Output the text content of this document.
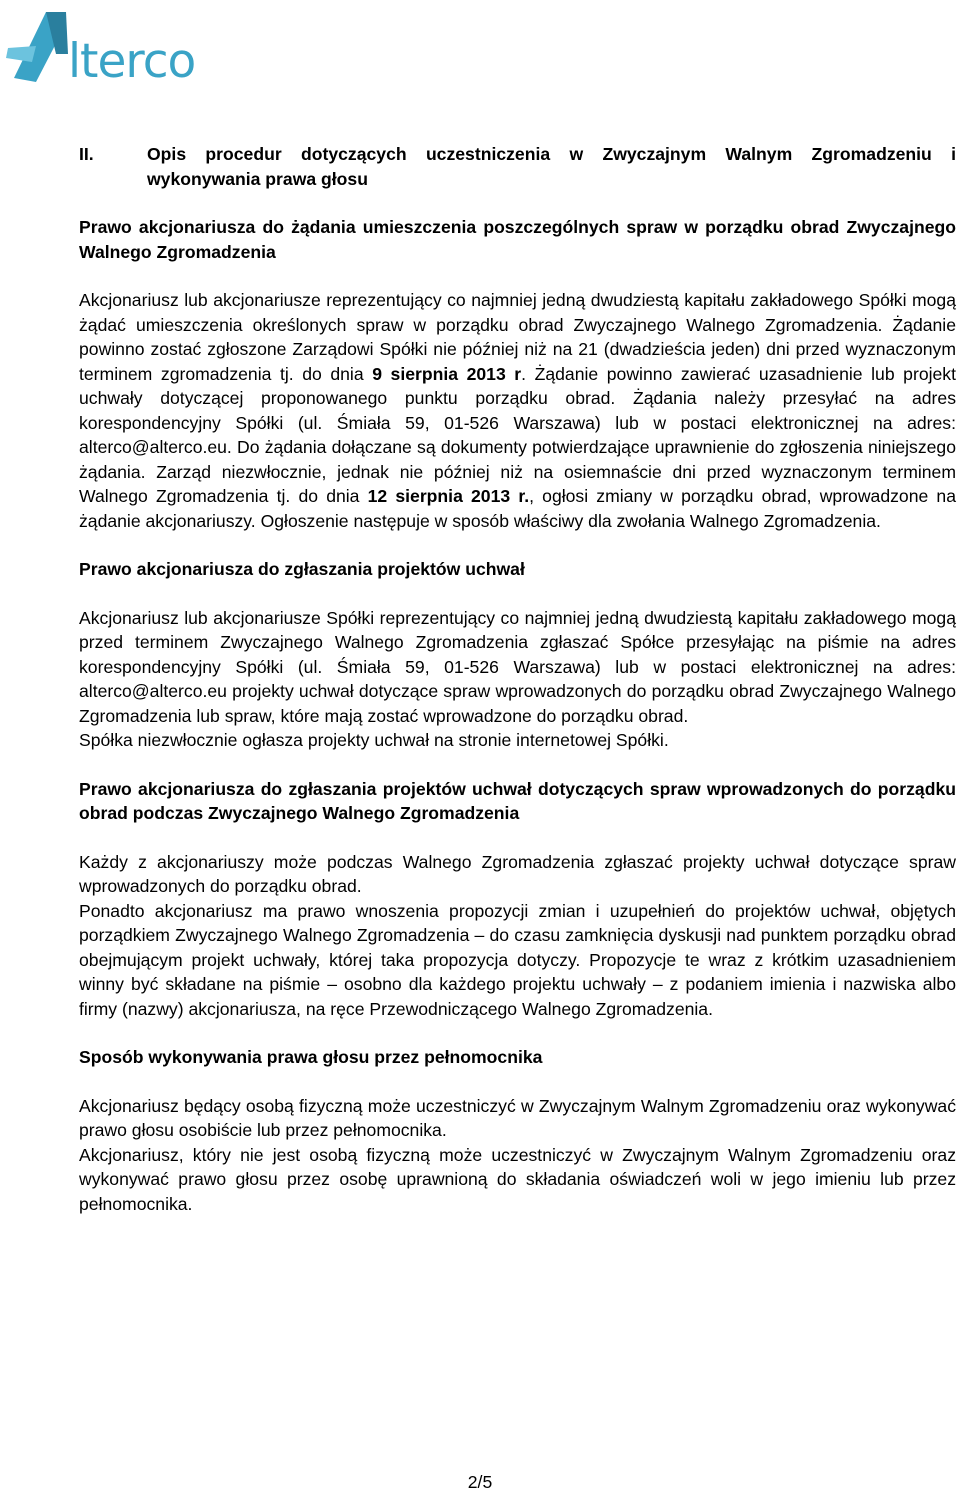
lterco
II.	Opis procedur dotyczących uczestniczenia w Zwyczajnym Walnym Zgromadzeniu i wykonywania prawa głosu

Prawo akcjonariusza do żądania umieszczenia poszczególnych spraw w porządku obrad Zwyczajnego Walnego Zgromadzenia

Akcjonariusz lub akcjonariusze reprezentujący co najmniej jedną dwudziestą kapitału zakładowego Spółki mogą żądać umieszczenia określonych spraw w porządku obrad Zwyczajnego Walnego Zgromadzenia. Żądanie powinno zostać zgłoszone Zarządowi Spółki nie później niż na 21 (dwadzieścia jeden) dni przed wyznaczonym terminem zgromadzenia tj. do dnia 9 sierpnia 2013 r. Żądanie powinno zawierać uzasadnienie lub projekt uchwały dotyczącej proponowanego punktu porządku obrad. Żądania należy przesyłać na adres korespondencyjny Spółki (ul. Śmiała 59, 01-526 Warszawa) lub w postaci elektronicznej na adres: alterco@alterco.eu. Do żądania dołączane są dokumenty potwierdzające uprawnienie do zgłoszenia niniejszego żądania. Zarząd niezwłocznie, jednak nie później niż na osiemnaście dni przed wyznaczonym terminem Walnego Zgromadzenia tj. do dnia 12 sierpnia 2013 r., ogłosi zmiany w porządku obrad, wprowadzone na żądanie akcjonariuszy. Ogłoszenie następuje w sposób właściwy dla zwołania Walnego Zgromadzenia.

Prawo akcjonariusza do zgłaszania projektów uchwał

Akcjonariusz lub akcjonariusze Spółki reprezentujący co najmniej jedną dwudziestą kapitału zakładowego mogą przed terminem Zwyczajnego Walnego Zgromadzenia zgłaszać Spółce przesyłając na piśmie na adres korespondencyjny Spółki (ul. Śmiała 59, 01-526 Warszawa) lub w postaci elektronicznej na adres: alterco@alterco.eu projekty uchwał dotyczące spraw wprowadzonych do porządku obrad Zwyczajnego Walnego Zgromadzenia lub spraw, które mają zostać wprowadzone do porządku obrad.

Spółka niezwłocznie ogłasza projekty uchwał na stronie internetowej Spółki.

Prawo akcjonariusza do zgłaszania projektów uchwał dotyczących spraw wprowadzonych do porządku obrad podczas Zwyczajnego Walnego Zgromadzenia

Każdy z akcjonariuszy może podczas Walnego Zgromadzenia zgłaszać projekty uchwał dotyczące spraw wprowadzonych do porządku obrad.

Ponadto akcjonariusz ma prawo wnoszenia propozycji zmian i uzupełnień do projektów uchwał, objętych porządkiem Zwyczajnego Walnego Zgromadzenia – do czasu zamknięcia dyskusji nad punktem porządku obrad obejmującym projekt uchwały, której taka propozycja dotyczy. Propozycje te wraz z krótkim uzasadnieniem winny być składane na piśmie – osobno dla każdego projektu uchwały – z podaniem imienia i nazwiska albo firmy (nazwy) akcjonariusza, na ręce Przewodniczącego Walnego Zgromadzenia.

Sposób wykonywania prawa głosu przez pełnomocnika

Akcjonariusz będący osobą fizyczną może uczestniczyć w Zwyczajnym Walnym Zgromadzeniu oraz wykonywać prawo głosu osobiście lub przez pełnomocnika.

Akcjonariusz, który nie jest osobą fizyczną może uczestniczyć w Zwyczajnym Walnym Zgromadzeniu oraz wykonywać prawo głosu przez osobę uprawnioną do składania oświadczeń woli w jego imieniu lub przez pełnomocnika.

2/5
